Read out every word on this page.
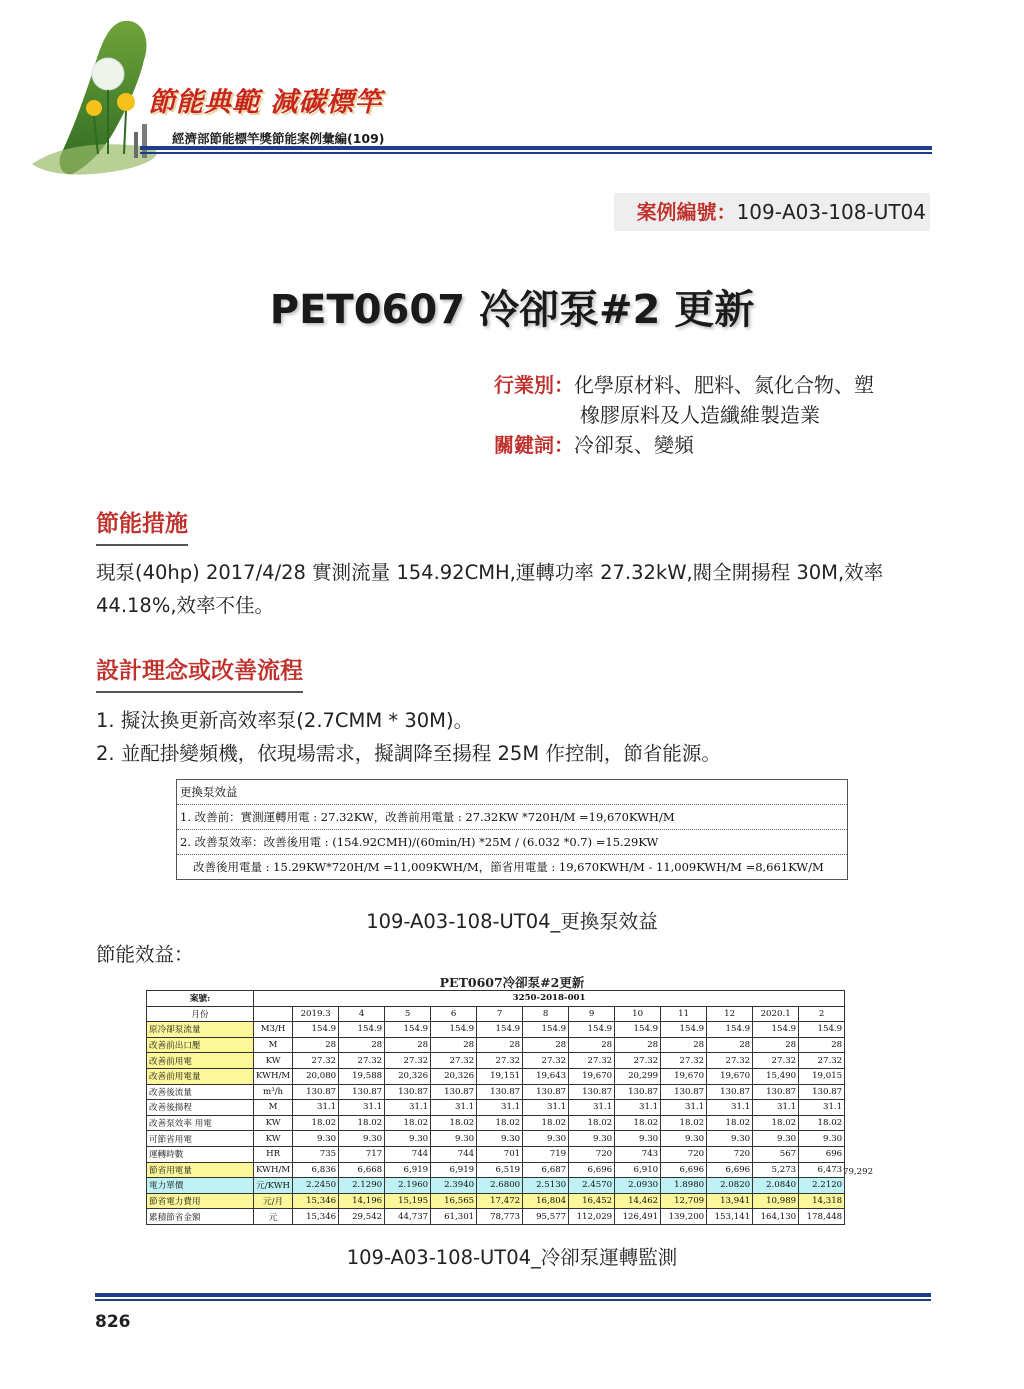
節能典範 減碳標竿
經濟部節能標竿獎節能案例彙編(109)
案例編號：109-A03-108-UT04
PET0607 冷卻泵#2 更新
行業別：化學原材料、肥料、氮化合物、塑
橡膠原料及人造纖維製造業
關鍵詞：冷卻泵、變頻
節能措施
現泵(40hp) 2017/4/28 實測流量 154.92CMH,運轉功率 27.32kW,閥全開揚程 30M,效率 44.18%,效率不佳。
設計理念或改善流程
1. 擬汰換更新高效率泵(2.7CMM * 30M)。
2. 並配掛變頻機，依現場需求，擬調降至揚程 25M 作控制，節省能源。
更換泵效益
1. 改善前：實測運轉用電 : 27.32KW，改善前用電量 : 27.32KW *720H/M =19,670KWH/M
2. 改善泵效率：改善後用電 : (154.92CMH)/(60min/H) *25M / (6.032 *0.7) =15.29KW
改善後用電量 : 15.29KW*720H/M =11,009KWH/M，節省用電量 : 19,670KWH/M - 11,009KWH/M =8,661KW/M
109-A03-108-UT04_更換泵效益
節能效益：
PET0607冷卻泵#2更新
案號:	3250-2018-001												
月份		2019.3	4	5	6	7	8	9	10	11	12	2020.1	2
原冷卻泵流量	M3/H	154.9	154.9	154.9	154.9	154.9	154.9	154.9	154.9	154.9	154.9	154.9	154.9
改善前出口壓	M	28	28	28	28	28	28	28	28	28	28	28	28
改善前用電	KW	27.32	27.32	27.32	27.32	27.32	27.32	27.32	27.32	27.32	27.32	27.32	27.32
改善前用電量	KWH/M	20,080	19,588	20,326	20,326	19,151	19,643	19,670	20,299	19,670	19,670	15,490	19,015
改善後流量	m³/h	130.87	130.87	130.87	130.87	130.87	130.87	130.87	130.87	130.87	130.87	130.87	130.87
改善後揚程	M	31.1	31.1	31.1	31.1	31.1	31.1	31.1	31.1	31.1	31.1	31.1	31.1
改善泵效率 用電	KW	18.02	18.02	18.02	18.02	18.02	18.02	18.02	18.02	18.02	18.02	18.02	18.02
可節省用電	KW	9.30	9.30	9.30	9.30	9.30	9.30	9.30	9.30	9.30	9.30	9.30	9.30
運轉時數	HR	735	717	744	744	701	719	720	743	720	720	567	696
節省用電量	KWH/M	6,836	6,668	6,919	6,919	6,519	6,687	6,696	6,910	6,696	6,696	5,273	6,473
電力單價	元/KWH	2.2450	2.1290	2.1960	2.3940	2.6800	2.5130	2.4570	2.0930	1.8980	2.0820	2.0840	2.2120
節省電力費用	元/月	15,346	14,196	15,195	16,565	17,472	16,804	16,452	14,462	12,709	13,941	10,989	14,318
累積節省金額	元	15,346	29,542	44,737	61,301	78,773	95,577	112,029	126,491	139,200	153,141	164,130	178,448
79,292
109-A03-108-UT04_冷卻泵運轉監測
826
